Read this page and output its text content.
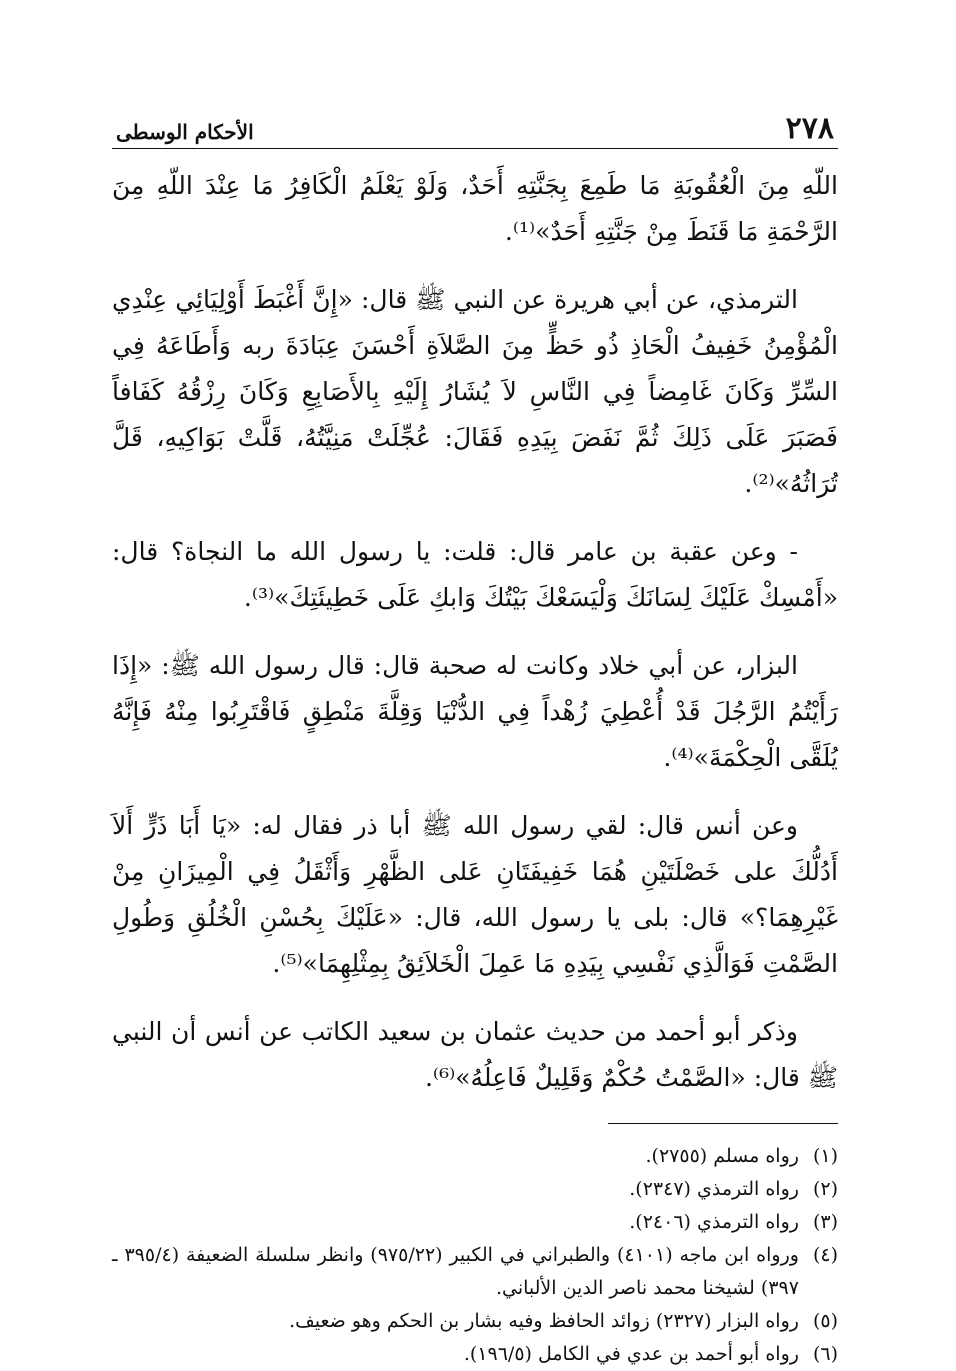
٢٧٨
الأحكام الوسطى

اللّهِ مِنَ الْعُقُوبَةِ مَا طَمِعَ بِجَنَّتِهِ أَحَدٌ، وَلَوْ يَعْلَمُ الْكَافِرُ مَا عِنْدَ اللّهِ مِنَ الرَّحْمَةِ مَا قَنَطَ مِنْ جَنَّتِهِ أَحَدٌ»⁽¹⁾.

الترمذي، عن أبي هريرة عن النبي ﷺ قال: «إِنَّ أَغْبَطَ أَوْلِيَائِي عِنْدِي الْمُؤْمِنُ خَفِيفُ الْحَاذِ ذُو حَظٍّ مِنَ الصَّلاَةِ أَحْسَنَ عِبَادَةَ ربه وَأَطَاعَهُ فِي السِّرِّ وَكَانَ غَامِضاً فِي النَّاسِ لاَ يُشَارُ إِلَيْهِ بِالأَصَابِعِ وَكَانَ رِزْقُهُ كَفَافاً فَصَبَرَ عَلَى ذَلِكَ ثُمَّ نَفَضَ بِيَدِهِ فَقَالَ: عُجِّلَتْ مَنِيَّتُهُ، قَلَّتْ بَوَاكِيهِ، قَلَّ تُرَاثُهُ»⁽²⁾.

- وعن عقبة بن عامر قال: قلت: يا رسول الله ما النجاة؟ قال: «أَمْسِكْ عَلَيْكَ لِسَانَكَ وَلْيَسَعْكَ بَيْتُكَ وَابكِ عَلَى خَطِيئَتِكَ»⁽³⁾.

البزار، عن أبي خلاد وكانت له صحبة قال: قال رسول الله ﷺ: «إِذَا رَأَيْتُمُ الرَّجُلَ قَدْ أُعْطِيَ زُهْداً فِي الدُّنْيَا وَقِلَّةَ مَنْطِقٍ فَاقْتَرِبُوا مِنْهُ فَإِنَّهُ يُلَقَّى الْحِكْمَةَ»⁽⁴⁾.

وعن أنس قال: لقي رسول الله ﷺ أبا ذر فقال له: «يَا أَبَا ذَرٍّ أَلاَ أَدُلُّكَ على خَصْلَتَيْنِ هُمَا خَفِيفَتَانِ عَلى الظَّهْرِ وَأَثْقَلُ فِي الْمِيزَانِ مِنْ غَيْرِهِمَا؟» قال: بلى يا رسول الله، قال: «عَلَيْكَ بِحُسْنِ الْخُلُقِ وَطُولِ الصَّمْتِ فَوَالَّذِي نَفْسِي بِيَدِهِ مَا عَمِلَ الْخَلاَئِقُ بِمِثْلِهِمَا»⁽⁵⁾.

وذكر أبو أحمد من حديث عثمان بن سعيد الكاتب عن أنس أن النبي ﷺ قال: «الصَّمْتُ حُكْمٌ وَقَلِيلٌ فَاعِلُهُ»⁽⁶⁾.

(١)
رواه مسلم (٢٧٥٥).
(٢)
رواه الترمذي (٢٣٤٧).
(٣)
رواه الترمذي (٢٤٠٦).
(٤)
ورواه ابن ماجه (٤١٠١) والطبراني في الكبير (٩٧٥/٢٢) وانظر سلسلة الضعيفة (٣٩٥/٤ ـ ٣٩٧) لشيخنا محمد ناصر الدين الألباني.
(٥)
رواه البزار (٢٣٢٧) زوائد الحافظ وفيه بشار بن الحكم وهو ضعيف.
(٦)
رواه أبو أحمد بن عدي في الكامل (١٩٦/٥).
